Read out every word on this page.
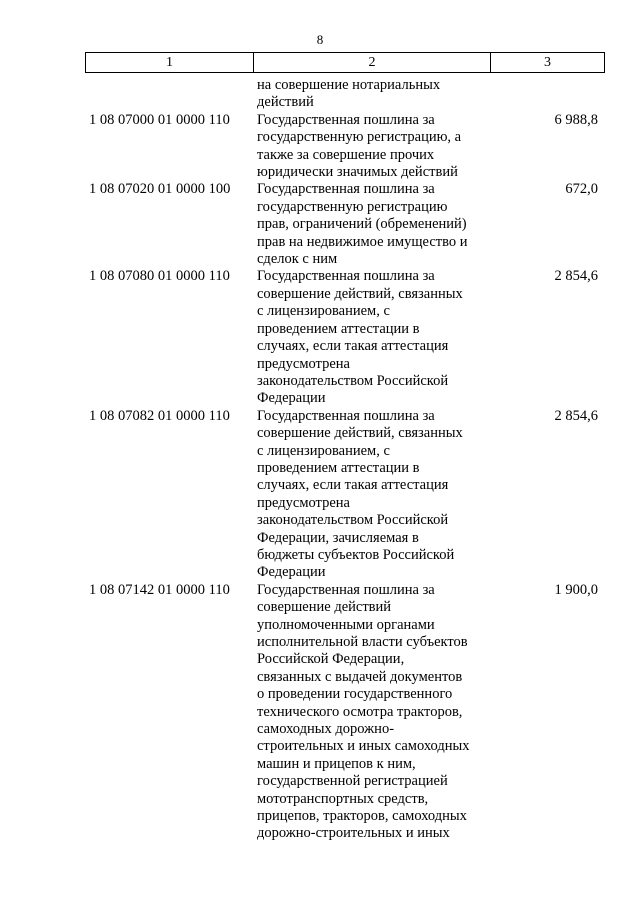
8
1	2	3
на совершение нотариальных
действий
1 08 07000 01 0000 110	Государственная пошлина за
государственную регистрацию, а
также за совершение прочих
юридически значимых действий
6 988,8
1 08 07020 01 0000 100	Государственная пошлина за
государственную регистрацию
прав, ограничений (обременений)
прав на недвижимое имущество и
сделок с ним
672,0
1 08 07080 01 0000 110	Государственная пошлина за
совершение действий, связанных
с лицензированием, с
проведением аттестации в
случаях, если такая аттестация
предусмотрена
законодательством Российской
Федерации
2 854,6
1 08 07082 01 0000 110	Государственная пошлина за
совершение действий, связанных
с лицензированием, с
проведением аттестации в
случаях, если такая аттестация
предусмотрена
законодательством Российской
Федерации, зачисляемая в
бюджеты субъектов Российской
Федерации
2 854,6
1 08 07142 01 0000 110	Государственная пошлина за
совершение действий
уполномоченными органами
исполнительной власти субъектов
Российской Федерации,
связанных с выдачей документов
о проведении государственного
технического осмотра тракторов,
самоходных дорожно-
строительных и иных самоходных
машин и прицепов к ним,
государственной регистрацией
мототранспортных средств,
прицепов, тракторов, самоходных
дорожно-строительных и иных
1 900,0
